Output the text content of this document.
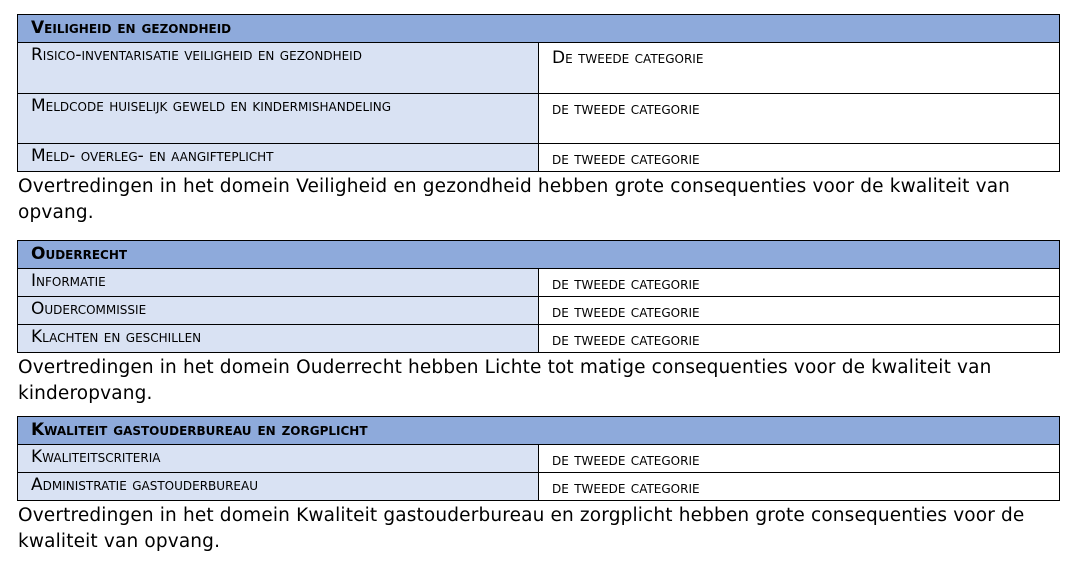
Veiligheid en gezondheid	
Risico-inventarisatie veiligheid en gezondheid	De tweede categorie
Meldcode huiselijk geweld en kindermishandeling	de tweede categorie
Meld- overleg- en aangifteplicht	de tweede categorie
Overtredingen in het domein Veiligheid en gezondheid hebben grote consequenties voor de kwaliteit van opvang.
Ouderrecht	
Informatie	de tweede categorie
Oudercommissie	de tweede categorie
Klachten en geschillen	de tweede categorie
Overtredingen in het domein Ouderrecht hebben Lichte tot matige consequenties voor de kwaliteit van kinderopvang.
Kwaliteit gastouderbureau en zorgplicht	
Kwaliteitscriteria	de tweede categorie
Administratie gastouderbureau	de tweede categorie
Overtredingen in het domein Kwaliteit gastouderbureau en zorgplicht hebben grote consequenties voor de kwaliteit van opvang.
